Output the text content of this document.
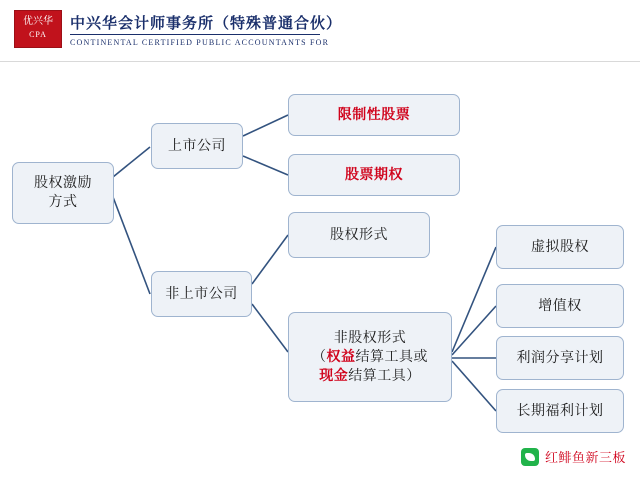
优兴华
CPA
中兴华会计师事务所（特殊普通合伙）
CONTINENTAL CERTIFIED PUBLIC ACCOUNTANTS FOR
股权激励
方式
上市公司
非上市公司
限制性股票
股票期权
股权形式
非股权形式
（权益结算工具或
现金结算工具）
虚拟股权
增值权
利润分享计划
长期福利计划
红鲱鱼新三板
